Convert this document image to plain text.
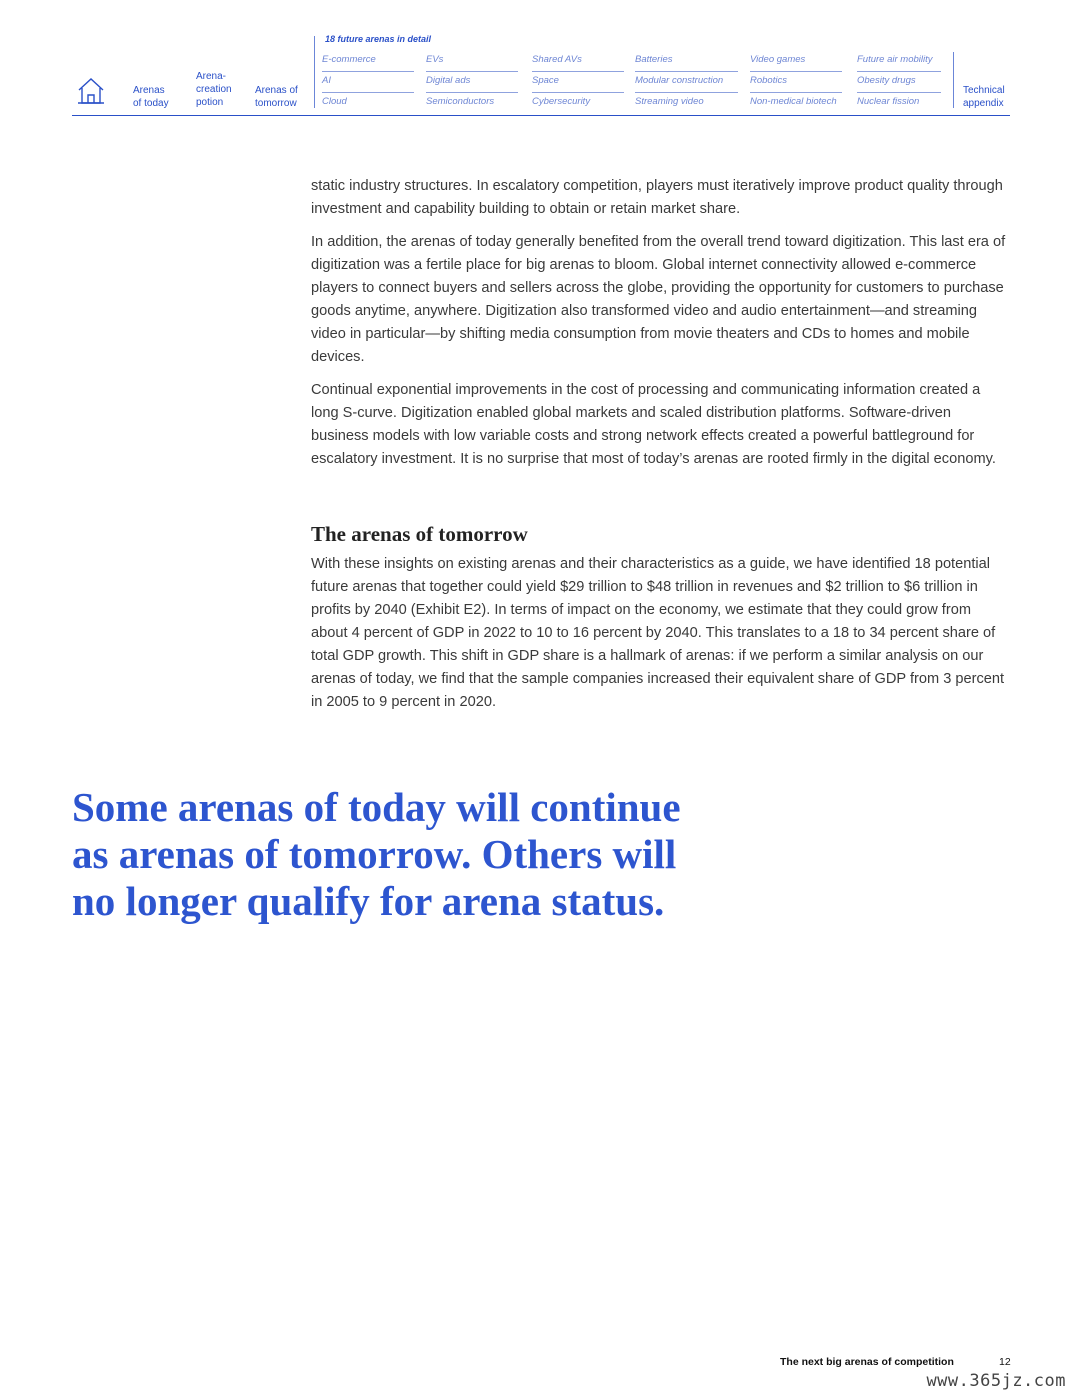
Arenas
of today
Arena-
creation
potion
Arenas of
tomorrow
18 future arenas in detail
E-commerce	EVs	Shared AVs	Batteries	Video games	Future air mobility
AI	Digital ads	Space	Modular construction	Robotics	Obesity drugs
Cloud	Semiconductors	Cybersecurity	Streaming video	Non-medical biotech	Nuclear fission
Technical
appendix

static industry structures. In escalatory competition, players must iteratively improve product quality through investment and capability building to obtain or retain market share.

In addition, the arenas of today generally benefited from the overall trend toward digitization. This last era of digitization was a fertile place for big arenas to bloom. Global internet connectivity allowed e-commerce players to connect buyers and sellers across the globe, providing the opportunity for customers to purchase goods anytime, anywhere. Digitization also transformed video and audio entertainment—and streaming video in particular—by shifting media consumption from movie theaters and CDs to homes and mobile devices.

Continual exponential improvements in the cost of processing and communicating information created a long S-curve. Digitization enabled global markets and scaled distribution platforms. Software-driven business models with low variable costs and strong network effects created a powerful battleground for escalatory investment. It is no surprise that most of today’s arenas are rooted firmly in the digital economy.

The arenas of tomorrow

With these insights on existing arenas and their characteristics as a guide, we have identified 18 potential future arenas that together could yield $29 trillion to $48 trillion in revenues and $2 trillion to $6 trillion in profits by 2040 (Exhibit E2). In terms of impact on the economy, we estimate that they could grow from about 4 percent of GDP in 2022 to 10 to 16 percent by 2040. This translates to a 18 to 34 percent share of total GDP growth. This shift in GDP share is a hallmark of arenas: if we perform a similar analysis on our arenas of today, we find that the sample companies increased their equivalent share of GDP from 3 percent in 2005 to 9 percent in 2020.

Some arenas of today will continue as arenas of tomorrow. Others will no longer qualify for arena status.
The next big arenas of competition	12
www.365jz.com
